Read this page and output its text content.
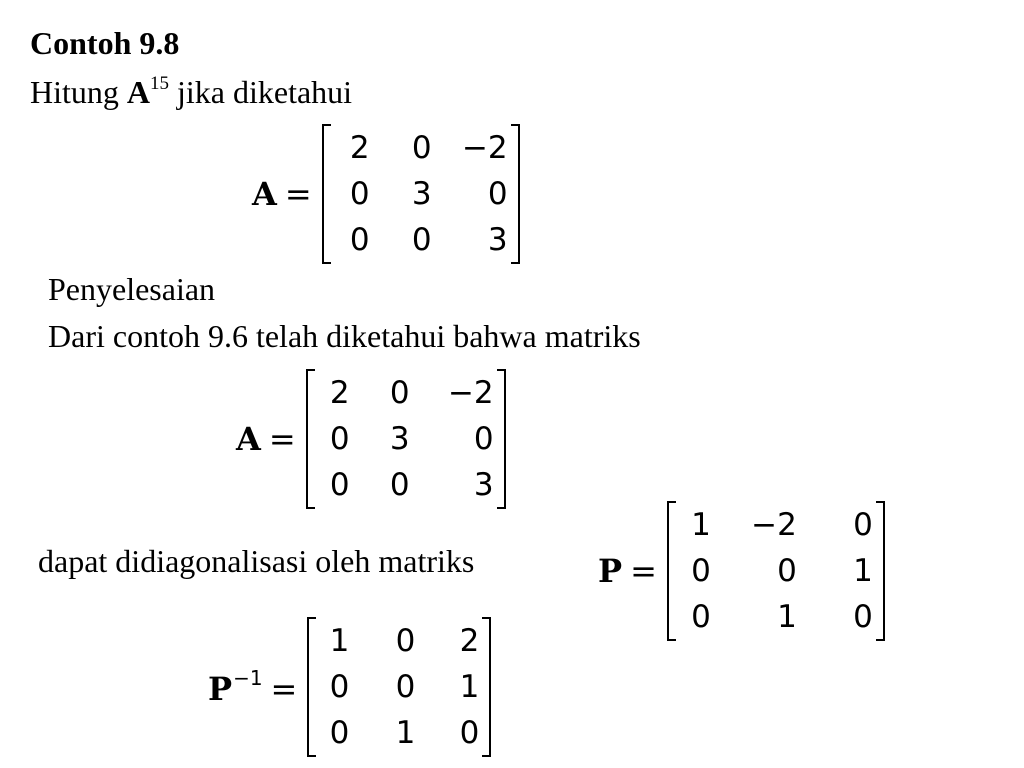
Contoh 9.8
Hitung $A^{15}$ jika diketahui
A =
2	0 −2
0	3	0
0	0	3
Penyelesaian
Dari contoh 9.6 telah diketahui bahwa matriks
A =
2	0	−2
0	3	0
0	0	3
dapat didiagonalisasi oleh matriks	P =
1	−2	0
0	0	1
0	1	0
$P^{-1}$ =
1	0	2
0	0	1
0	1	0
